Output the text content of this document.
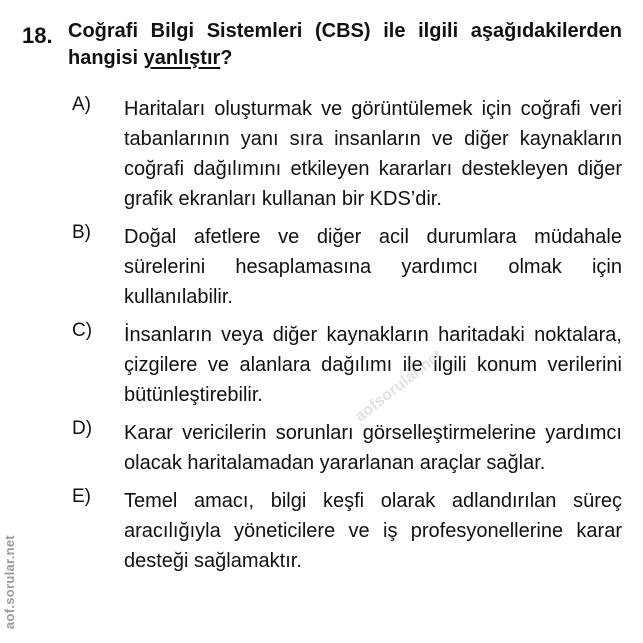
18. Coğrafi Bilgi Sistemleri (CBS) ile ilgili aşağıdakilerden hangisi yanlıştır?
A)	Haritaları oluşturmak ve görüntülemek için coğrafi veri tabanlarının yanı sıra insanların ve diğer kaynakların coğrafi dağılımını etkileyen kararları destekleyen diğer grafik ekranları kullanan bir KDS’dir.
B)	Doğal afetlere ve diğer acil durumlara müdahale sürelerini hesaplamasına yardımcı olmak için kullanılabilir.
C)	İnsanların veya diğer kaynakların haritadaki noktalara, çizgilere ve alanlara dağılımı ile ilgili konum verilerini bütünleştirebilir.
D)	Karar vericilerin sorunları görselleştirmelerine yardımcı olacak haritalamadan yararlanan araçlar sağlar.
E)	Temel amacı, bilgi keşfi olarak adlandırılan süreç aracılığıyla yöneticilere ve iş profesyonellerine karar desteği sağlamaktır.
aofsorular.net
aof.sorular.net
